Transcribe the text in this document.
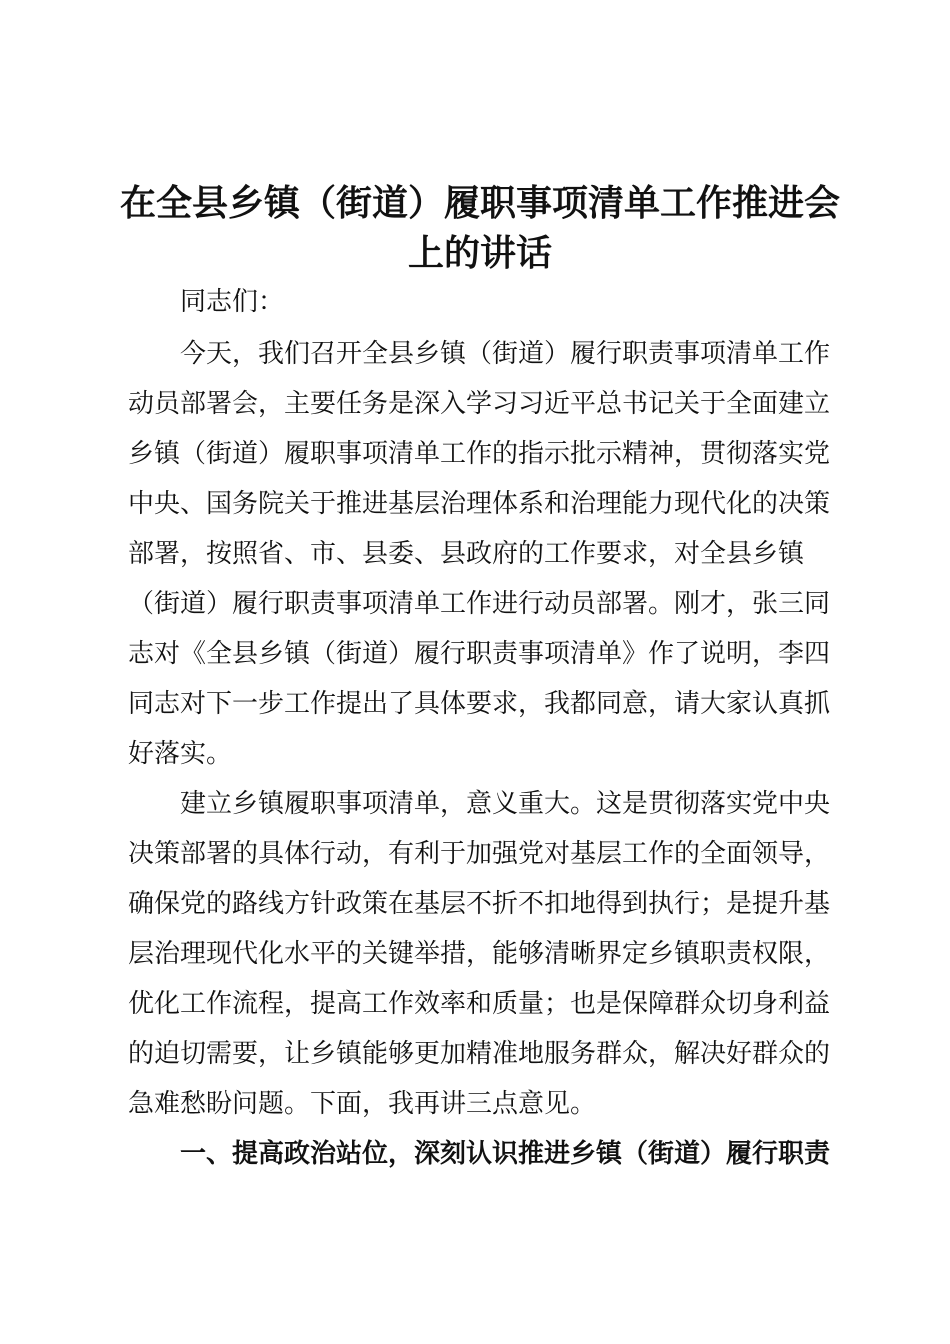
在全县乡镇（街道）履职事项清单工作推进会
上的讲话

同志们：

今天，我们召开全县乡镇（街道）履行职责事项清单工作

动员部署会，主要任务是深入学习习近平总书记关于全面建立

乡镇（街道）履职事项清单工作的指示批示精神，贯彻落实党

中央、国务院关于推进基层治理体系和治理能力现代化的决策

部署，按照省、市、县委、县政府的工作要求，对全县乡镇

（街道）履行职责事项清单工作进行动员部署。刚才，张三同

志对《全县乡镇（街道）履行职责事项清单》作了说明，李四

同志对下一步工作提出了具体要求，我都同意，请大家认真抓

好落实。

建立乡镇履职事项清单，意义重大。这是贯彻落实党中央

决策部署的具体行动，有利于加强党对基层工作的全面领导，

确保党的路线方针政策在基层不折不扣地得到执行；是提升基

层治理现代化水平的关键举措，能够清晰界定乡镇职责权限，

优化工作流程，提高工作效率和质量；也是保障群众切身利益

的迫切需要，让乡镇能够更加精准地服务群众，解决好群众的

急难愁盼问题。下面，我再讲三点意见。

一、提高政治站位，深刻认识推进乡镇（街道）履行职责
